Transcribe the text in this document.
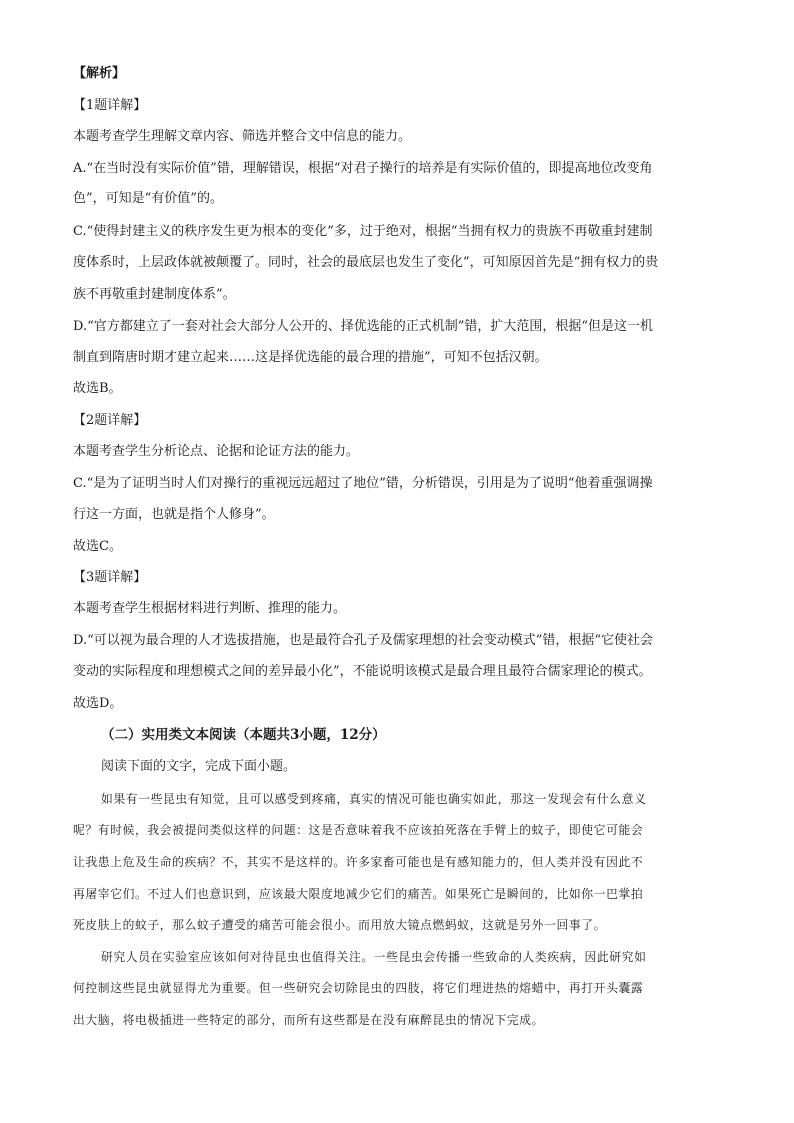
【解析】
【1题详解】
本题考查学生理解文章内容、筛选并整合文中信息的能力。
A.“在当时没有实际价值”错，理解错误，根据“对君子操行的培养是有实际价值的，即提高地位改变角
色”，可知是“有价值”的。
C.“使得封建主义的秩序发生更为根本的变化”多，过于绝对，根据“当拥有权力的贵族不再敬重封建制
度体系时，上层政体就被颠覆了。同时，社会的最底层也发生了变化”，可知原因首先是“拥有权力的贵
族不再敬重封建制度体系”。
D.“官方都建立了一套对社会大部分人公开的、择优选能的正式机制”错，扩大范围，根据“但是这一机
制直到隋唐时期才建立起来……这是择优选能的最合理的措施”，可知不包括汉朝。
故选B。
【2题详解】
本题考查学生分析论点、论据和论证方法的能力。
C.“是为了证明当时人们对操行的重视远远超过了地位”错，分析错误，引用是为了说明“他着重强调操
行这一方面，也就是指个人修身”。
故选C。
【3题详解】
本题考查学生根据材料进行判断、推理的能力。
D.“可以视为最合理的人才选拔措施，也是最符合孔子及儒家理想的社会变动模式”错，根据“它使社会
变动的实际程度和理想模式之间的差异最小化”，不能说明该模式是最合理且最符合儒家理论的模式。
故选D。
（二）实用类文本阅读（本题共3小题，12分）
阅读下面的文字，完成下面小题。
如果有一些昆虫有知觉，且可以感受到疼痛，真实的情况可能也确实如此，那这一发现会有什么意义
呢？有时候，我会被提问类似这样的问题：这是否意味着我不应该拍死落在手臂上的蚊子，即使它可能会
让我患上危及生命的疾病？不，其实不是这样的。许多家畜可能也是有感知能力的，但人类并没有因此不
再屠宰它们。不过人们也意识到，应该最大限度地减少它们的痛苦。如果死亡是瞬间的，比如你一巴掌拍
死皮肤上的蚊子，那么蚊子遭受的痛苦可能会很小。而用放大镜点燃蚂蚁，这就是另外一回事了。
研究人员在实验室应该如何对待昆虫也值得关注。一些昆虫会传播一些致命的人类疾病，因此研究如
何控制这些昆虫就显得尤为重要。但一些研究会切除昆虫的四肢，将它们埋进热的熔蜡中，再打开头囊露
出大脑，将电极插进一些特定的部分，而所有这些都是在没有麻醉昆虫的情况下完成。
